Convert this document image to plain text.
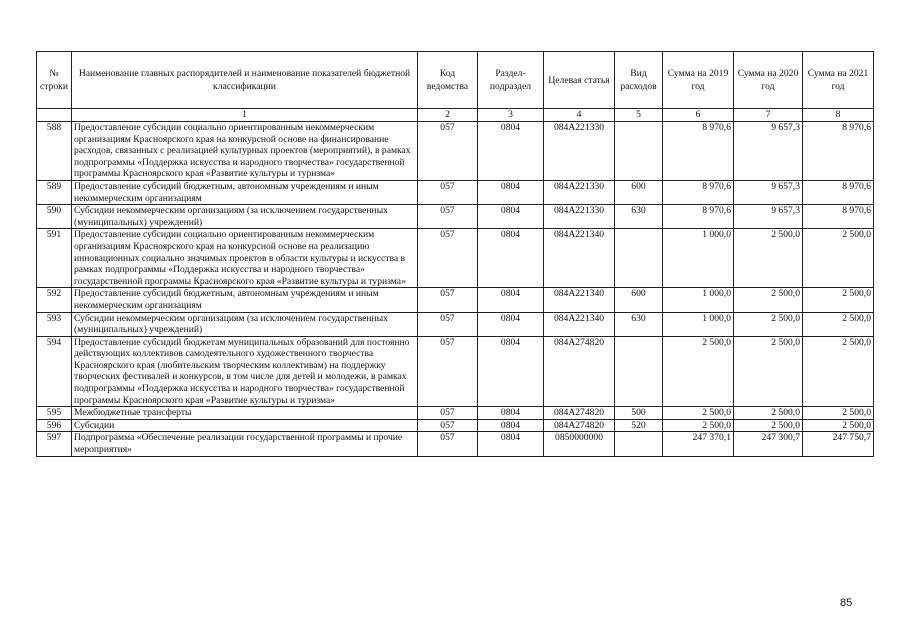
№ строки	Наименование главных распорядителей и наименование показателей бюджетной классификации	Код ведомства	Раздел-подраздел	Целевая статья	Вид расходов	Сумма на 2019 год	Сумма на 2020 год	Сумма на 2021 год
	1	2	3	4	5	6	7	8
588	Предоставление субсидии социально ориентированным некоммерческим организациям Красноярского края на конкурсной основе на финансирование расходов, связанных с реализацией культурных проектов (мероприятий), в рамках подпрограммы «Поддержка искусства и народного творчества» государственной программы Красноярского края «Развитие культуры и туризма»	057	0804	084A221330		8 970,6	9 657,3	8 970,6
589	Предоставление субсидий бюджетным, автономным учреждениям и иным некоммерческим организациям	057	0804	084A221330	600	8 970,6	9 657,3	8 970,6
590	Субсидии некоммерческим организациям (за исключением государственных (муниципальных) учреждений)	057	0804	084A221330	630	8 970,6	9 657,3	8 970,6
591	Предоставление субсидии социально ориентированным некоммерческим организациям Красноярского края на конкурсной основе на реализацию инновационных социально значимых проектов в области культуры и искусства в рамках подпрограммы «Поддержка искусства и народного творчества» государственной программы Красноярского края «Развитие культуры и туризма»	057	0804	084A221340		1 000,0	2 500,0	2 500,0
592	Предоставление субсидий бюджетным, автономным учреждениям и иным некоммерческим организациям	057	0804	084A221340	600	1 000,0	2 500,0	2 500,0
593	Субсидии некоммерческим организациям (за исключением государственных (муниципальных) учреждений)	057	0804	084A221340	630	1 000,0	2 500,0	2 500,0
594	Предоставление субсидий бюджетам муниципальных образований для постоянно действующих коллективов самодеятельного художественного творчества Красноярского края (любительским творческим коллективам) на поддержку творческих фестивалей и конкурсов, в том числе для детей и молодежи, в рамках подпрограммы «Поддержка искусства и народного творчества» государственной программы Красноярского края «Развитие культуры и туризма»	057	0804	084A274820		2 500,0	2 500,0	2 500,0
595	Межбюджетные трансферты	057	0804	084A274820	500	2 500,0	2 500,0	2 500,0
596	Субсидии	057	0804	084A274820	520	2 500,0	2 500,0	2 500,0
597	Подпрограмма «Обеспечение реализации государственной программы и прочие мероприятия»	057	0804	0850000000		247 370,1	247 300,7	247 750,7
85
